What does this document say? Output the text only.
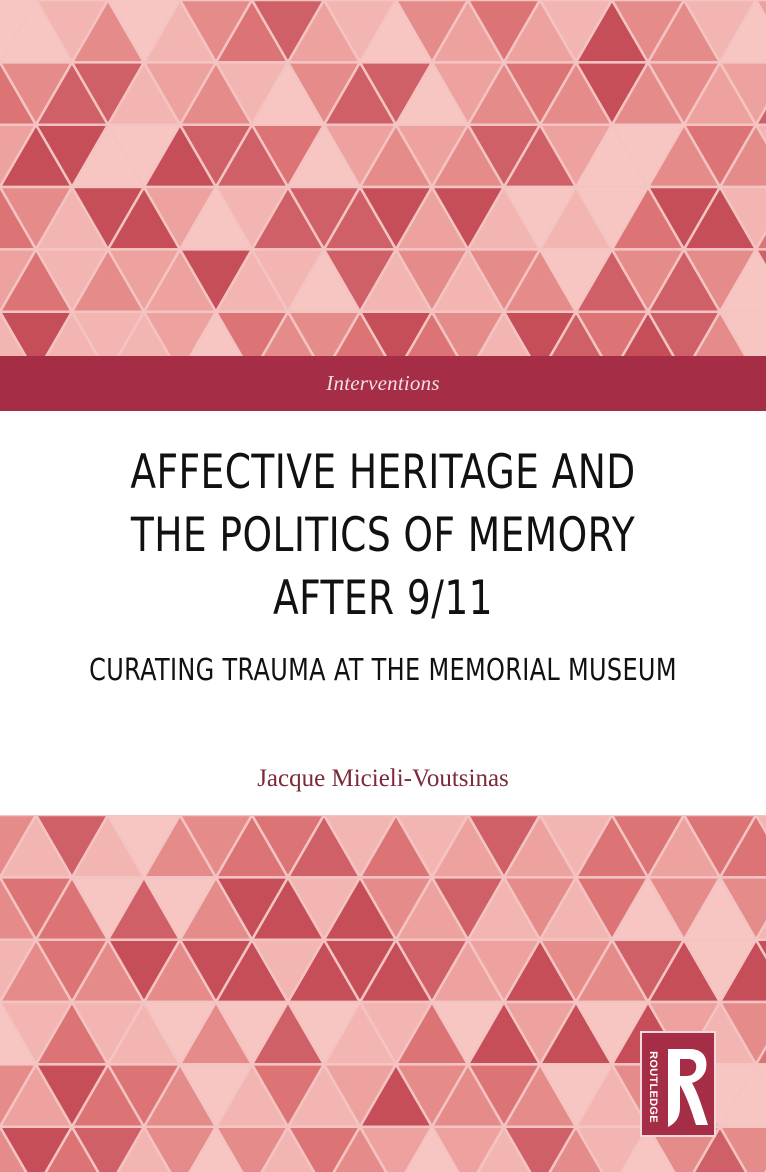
Interventions
AFFECTIVE HERITAGE AND
THE POLITICS OF MEMORY
AFTER 9/11
CURATING TRAUMA AT THE MEMORIAL MUSEUM
Jacque Micieli-Voutsinas
ROUTLEDGE
